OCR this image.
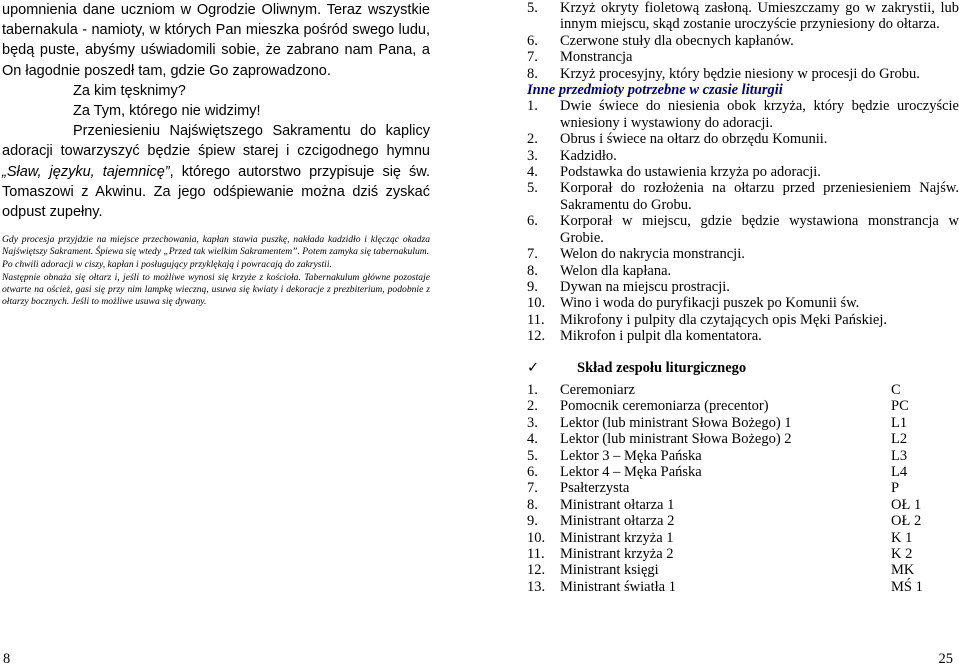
upomnienia dane uczniom w Ogrodzie Oliwnym. Teraz wszystkie tabernakula - namioty, w których Pan mieszka pośród swego ludu, będą puste, abyśmy uświadomili sobie, że zabrano nam Pana, a On łagodnie poszedł tam, gdzie Go zaprowadzono.

Za kim tęsknimy?

Za Tym, którego nie widzimy!

Przeniesieniu Najświętszego Sakramentu do kaplicy adoracji towarzyszyć będzie śpiew starej i czcigodnego hymnu „Sław, języku, tajemnicę”, którego autorstwo przypisuje się św. Tomaszowi z Akwinu. Za jego odśpiewanie można dziś zyskać odpust zupełny.

Gdy procesja przyjdzie na miejsce przechowania, kapłan stawia puszkę, nakłada kadzidło i klęcząc okadza Najświętszy Sakrament. Śpiewa się wtedy „Przed tak wielkim Sakramentem”. Potem zamyka się tabernakulum.

Po chwili adoracji w ciszy, kapłan i posługujący przyklękają i powracają do zakrystii.

Następnie obnaża się ołtarz i, jeśli to możliwe wynosi się krzyże z kościoła. Tabernakulum główne pozostaje otwarte na oścież, gasi się przy nim lampkę wieczną, usuwa się kwiaty i dekoracje z prezbiterium, podobnie z ołtarzy bocznych. Jeśli to możliwe usuwa się dywany.

5.	Krzyż okryty fioletową zasłoną. Umieszczamy go w zakrystii, lub innym miejscu, skąd zostanie uroczyście przyniesiony do ołtarza.
6.	Czerwone stuły dla obecnych kapłanów.
7.	Monstrancja
8.	Krzyż procesyjny, który będzie niesiony w procesji do Grobu.
Inne przedmioty potrzebne w czasie liturgii
1.	Dwie świece do niesienia obok krzyża, który będzie uroczyście wniesiony i wystawiony do adoracji.
2.	Obrus i świece na ołtarz do obrzędu Komunii.
3.	Kadzidło.
4.	Podstawka do ustawienia krzyża po adoracji.
5.	Korporał do rozłożenia na ołtarzu przed przeniesieniem Najśw. Sakramentu do Grobu.
6.	Korporał w miejscu, gdzie będzie wystawiona monstrancja w Grobie.
7.	Welon do nakrycia monstrancji.
8.	Welon dla kapłana.
9.	Dywan na miejscu prostracji.
10.	Wino i woda do puryfikacji puszek po Komunii św.
11.	Mikrofony i pulpity dla czytających opis Męki Pańskiej.
12.	Mikrofon i pulpit dla komentatora.
✓	Skład zespołu liturgicznego
1.	Ceremoniarz	C
2.	Pomocnik ceremoniarza (precentor)	PC
3.	Lektor (lub ministrant Słowa Bożego) 1	L1
4.	Lektor (lub ministrant Słowa Bożego) 2	L2
5.	Lektor 3 – Męka Pańska	L3
6.	Lektor 4 – Męka Pańska	L4
7.	Psałterzysta	P
8.	Ministrant ołtarza 1	OŁ 1
9.	Ministrant ołtarza 2	OŁ 2
10.	Ministrant krzyża 1	K 1
11.	Ministrant krzyża 2	K 2
12.	Ministrant księgi	MK
13.	Ministrant światła 1	MŚ 1
8	25
